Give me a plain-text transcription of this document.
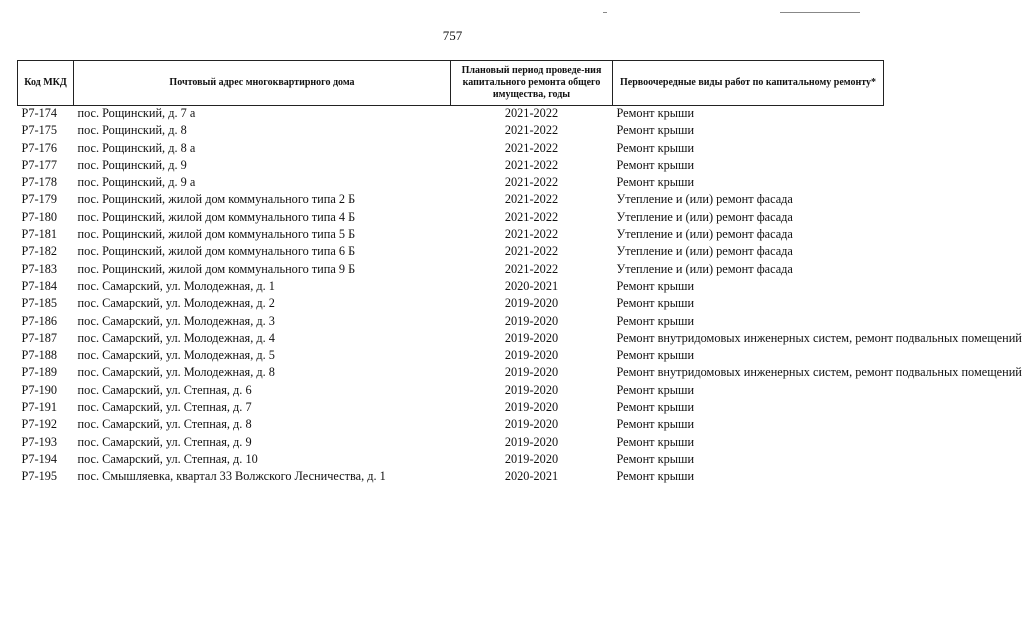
757
Код МКД	Почтовый адрес многоквартирного дома	Плановый период проведе-ния капитального ремонта общего имущества, годы	Первоочередные виды работ по капитальному ремонту*
Р7-174	пос. Рощинский, д. 7 а	2021-2022	Ремонт крыши
Р7-175	пос. Рощинский, д. 8	2021-2022	Ремонт крыши
Р7-176	пос. Рощинский, д. 8 а	2021-2022	Ремонт крыши
Р7-177	пос. Рощинский, д. 9	2021-2022	Ремонт крыши
Р7-178	пос. Рощинский, д. 9 а	2021-2022	Ремонт крыши
Р7-179	пос. Рощинский, жилой дом коммунального типа 2 Б	2021-2022	Утепление и (или) ремонт фасада
Р7-180	пос. Рощинский, жилой дом коммунального типа 4 Б	2021-2022	Утепление и (или) ремонт фасада
Р7-181	пос. Рощинский, жилой дом коммунального типа 5 Б	2021-2022	Утепление и (или) ремонт фасада
Р7-182	пос. Рощинский, жилой дом коммунального типа 6 Б	2021-2022	Утепление и (или) ремонт фасада
Р7-183	пос. Рощинский, жилой дом коммунального типа 9 Б	2021-2022	Утепление и (или) ремонт фасада
Р7-184	пос. Самарский, ул. Молодежная, д. 1	2020-2021	Ремонт крыши
Р7-185	пос. Самарский, ул. Молодежная, д. 2	2019-2020	Ремонт крыши
Р7-186	пос. Самарский, ул. Молодежная, д. 3	2019-2020	Ремонт крыши
Р7-187	пос. Самарский, ул. Молодежная, д. 4	2019-2020	Ремонт внутридомовых инженерных систем, ремонт подвальных помещений
Р7-188	пос. Самарский, ул. Молодежная, д. 5	2019-2020	Ремонт крыши
Р7-189	пос. Самарский, ул. Молодежная, д. 8	2019-2020	Ремонт внутридомовых инженерных систем, ремонт подвальных помещений
Р7-190	пос. Самарский, ул. Степная, д. 6	2019-2020	Ремонт крыши
Р7-191	пос. Самарский, ул. Степная, д. 7	2019-2020	Ремонт крыши
Р7-192	пос. Самарский, ул. Степная, д. 8	2019-2020	Ремонт крыши
Р7-193	пос. Самарский, ул. Степная, д. 9	2019-2020	Ремонт крыши
Р7-194	пос. Самарский, ул. Степная, д. 10	2019-2020	Ремонт крыши
Р7-195	пос. Смышляевка, квартал 33 Волжского Лесничества, д. 1	2020-2021	Ремонт крыши
